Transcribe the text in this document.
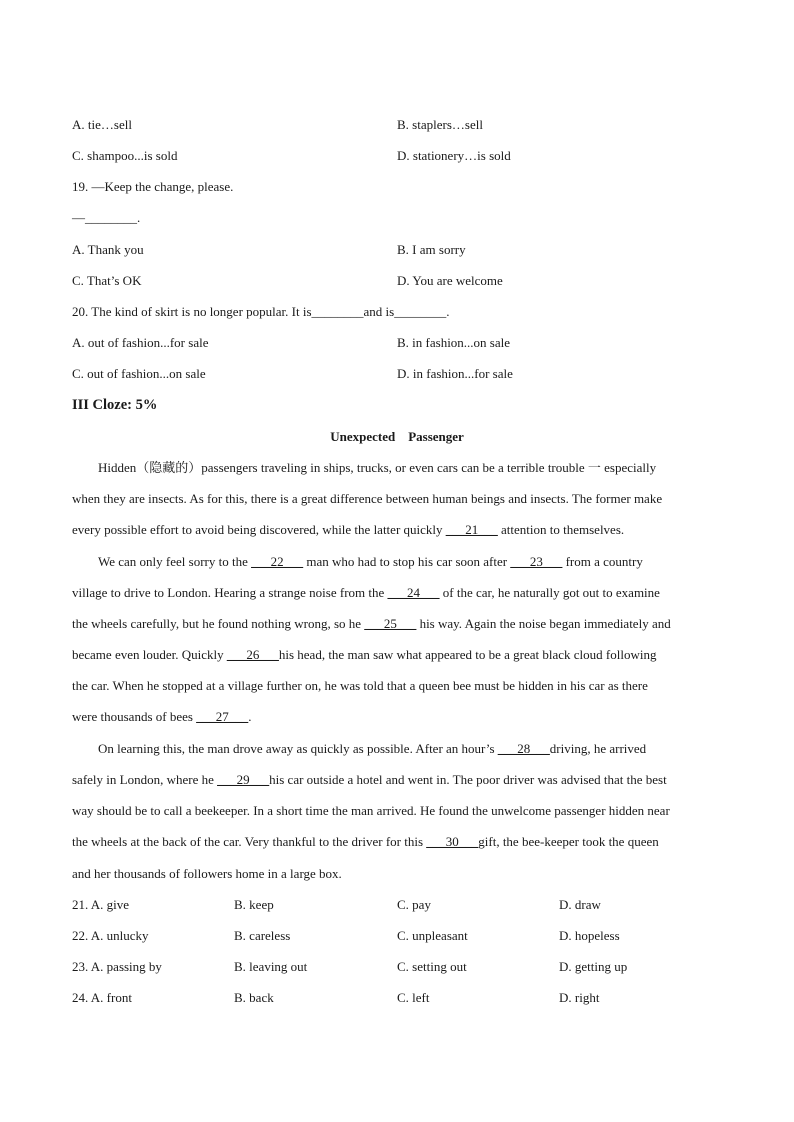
A. tie…sell	B. staplers…sell
C. shampoo...is sold	D. stationery…is sold
19. —Keep the change, please.
—________.
A. Thank you	B. I am sorry
C. That’s OK	D. You are welcome
20. The kind of skirt is no longer popular. It is________and is________.
A. out of fashion...for sale	B. in fashion...on sale
C. out of fashion...on sale	D. in fashion...for sale
III Cloze: 5%
Unexpected    Passenger
Hidden（隐藏的）passengers traveling in ships, trucks, or even cars can be a terrible trouble 一 especially
when they are insects. As for this, there is a great difference between human beings and insects. The former make
every possible effort to avoid being discovered, while the latter quickly ___21___ attention to themselves.
We can only feel sorry to the ___22___ man who had to stop his car soon after ___23___ from a country
village to drive to London. Hearing a strange noise from the ___24___ of the car, he naturally got out to examine
the wheels carefully, but he found nothing wrong, so he ___25___ his way. Again the noise began immediately and
became even louder. Quickly ___26___his head, the man saw what appeared to be a great black cloud following
the car. When he stopped at a village further on, he was told that a queen bee must be hidden in his car as there
were thousands of bees ___27___.
On learning this, the man drove away as quickly as possible. After an hour’s ___28___driving, he arrived
safely in London, where he ___29___his car outside a hotel and went in. The poor driver was advised that the best
way should be to call a beekeeper. In a short time the man arrived. He found the unwelcome passenger hidden near
the wheels at the back of the car. Very thankful to the driver for this ___30___gift, the bee-keeper took the queen
and her thousands of followers home in a large box.
21. A. give	B. keep	C. pay	D. draw
22. A. unlucky	B. careless	C. unpleasant	D. hopeless
23. A. passing by	B. leaving out	C. setting out	D. getting up
24. A. front	B. back	C. left	D. right
